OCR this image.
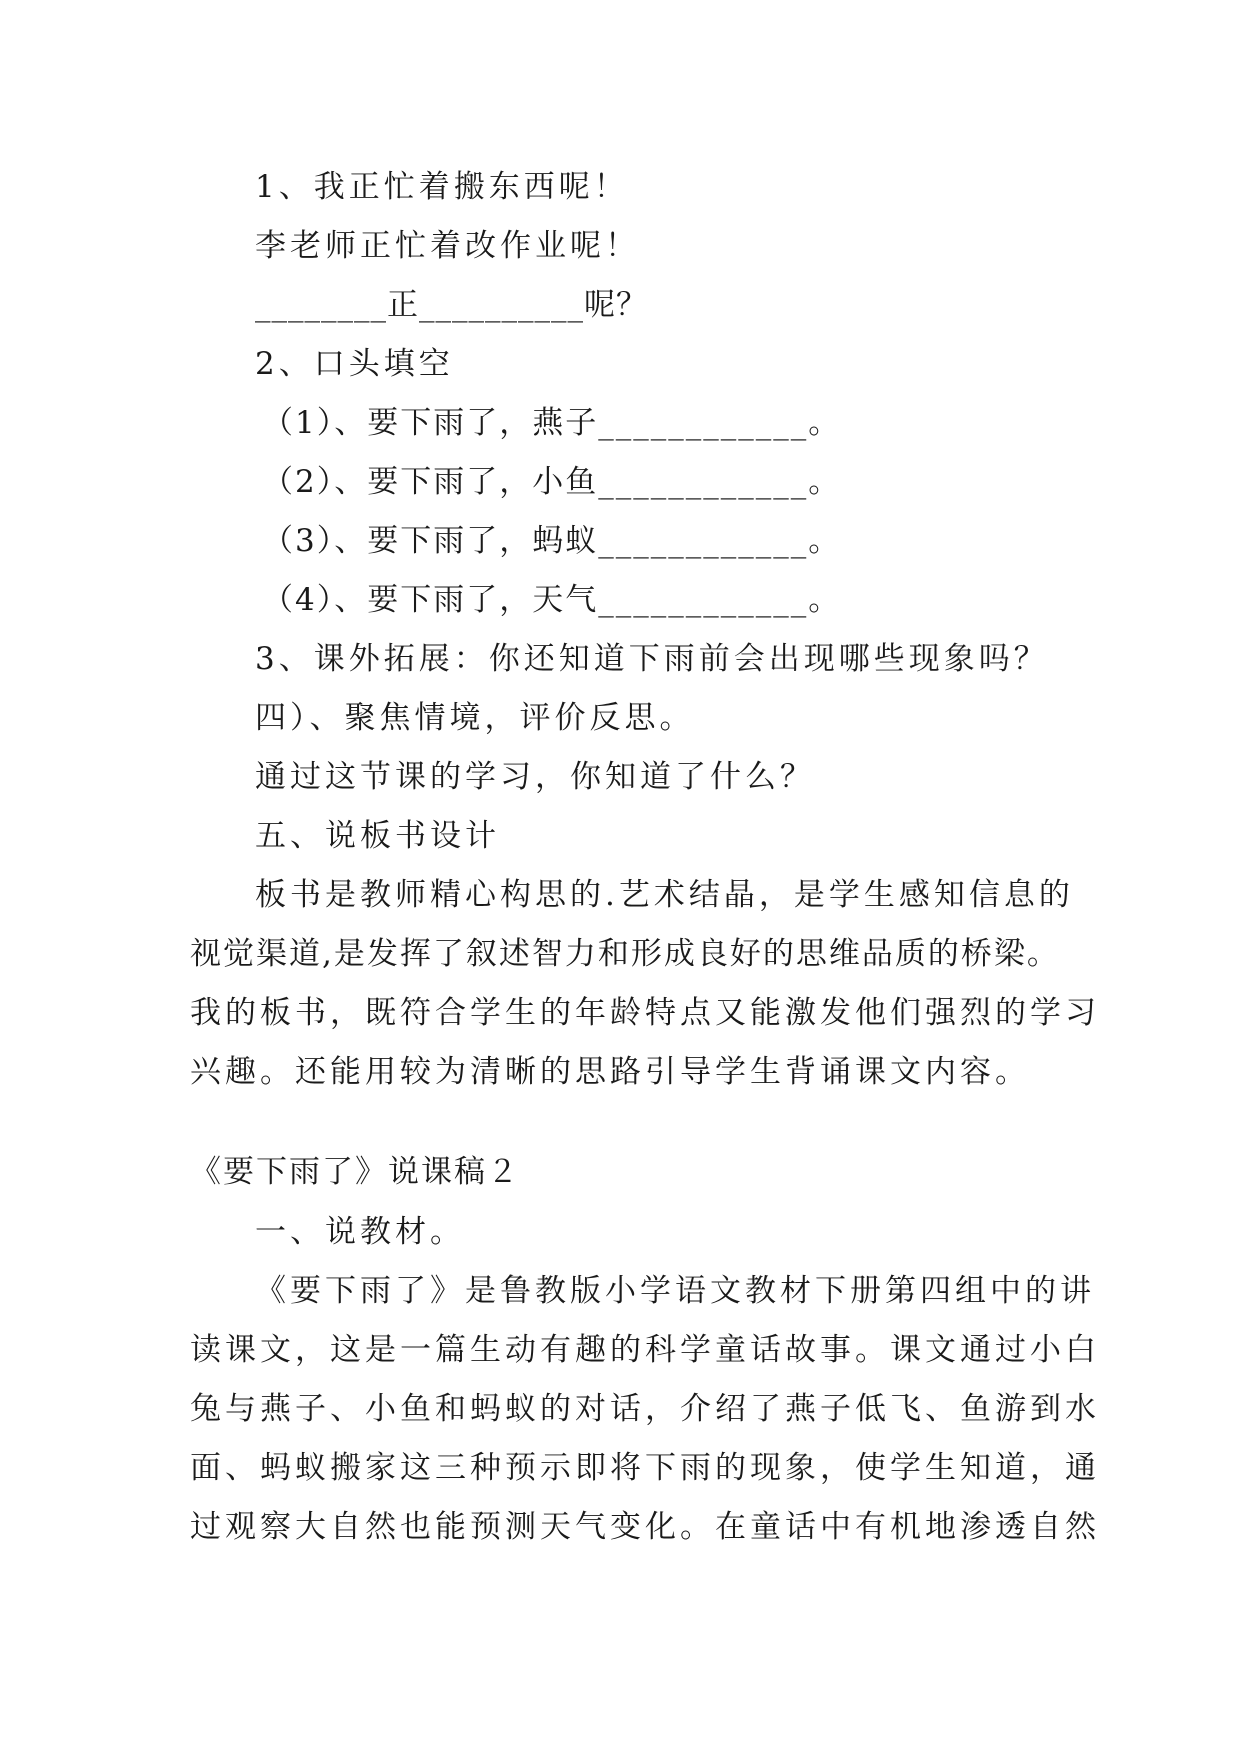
1、我正忙着搬东西呢！
李老师正忙着改作业呢！
________正__________呢？
2、口头填空
（1）、要下雨了，燕子____________。
（2）、要下雨了，小鱼____________。
（3）、要下雨了，蚂蚁____________。
（4）、要下雨了，天气____________。
3、课外拓展：你还知道下雨前会出现哪些现象吗？
四）、聚焦情境，评价反思。
通过这节课的学习，你知道了什么？
五、说板书设计
板书是教师精心构思的.艺术结晶，是学生感知信息的
视觉渠道,是发挥了叙述智力和形成良好的思维品质的桥梁。
我的板书，既符合学生的年龄特点又能激发他们强烈的学习
兴趣。还能用较为清晰的思路引导学生背诵课文内容。
《要下雨了》说课稿２
一、说教材。
《要下雨了》是鲁教版小学语文教材下册第四组中的讲
读课文，这是一篇生动有趣的科学童话故事。课文通过小白
兔与燕子、小鱼和蚂蚁的对话，介绍了燕子低飞、鱼游到水
面、蚂蚁搬家这三种预示即将下雨的现象，使学生知道，通
过观察大自然也能预测天气变化。在童话中有机地渗透自然
